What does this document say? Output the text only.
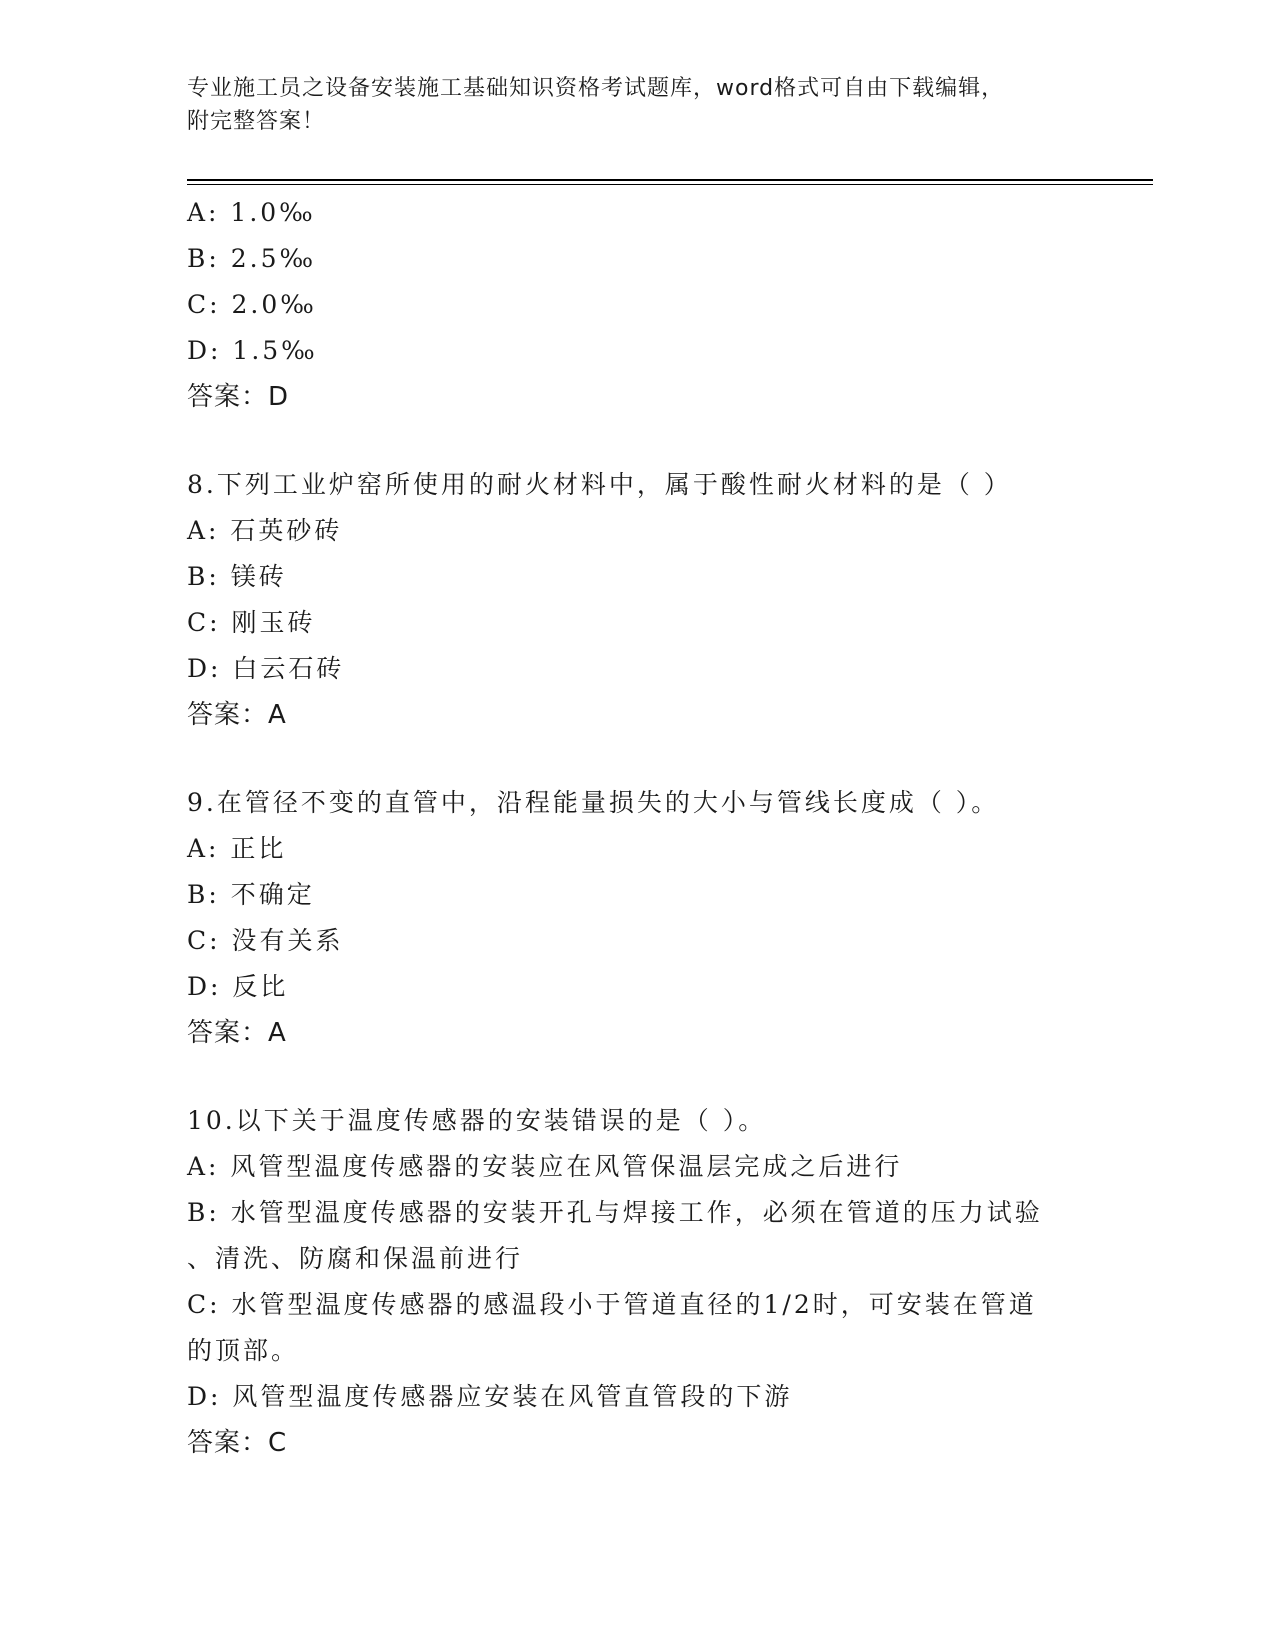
专业施工员之设备安装施工基础知识资格考试题库，word格式可自由下载编辑，
附完整答案！
A: 1.0‰
B: 2.5‰
C: 2.0‰
D: 1.5‰
答案：D
8.下列工业炉窑所使用的耐火材料中，属于酸性耐火材料的是（ ）
A: 石英砂砖
B: 镁砖
C: 刚玉砖
D: 白云石砖
答案：A
9.在管径不变的直管中，沿程能量损失的大小与管线长度成（ ）。
A: 正比
B: 不确定
C: 没有关系
D: 反比
答案：A
10.以下关于温度传感器的安装错误的是（ ）。
A: 风管型温度传感器的安装应在风管保温层完成之后进行
B: 水管型温度传感器的安装开孔与焊接工作，必须在管道的压力试验
、清洗、防腐和保温前进行
C: 水管型温度传感器的感温段小于管道直径的1/2时，可安装在管道
的顶部。
D: 风管型温度传感器应安装在风管直管段的下游
答案：C
